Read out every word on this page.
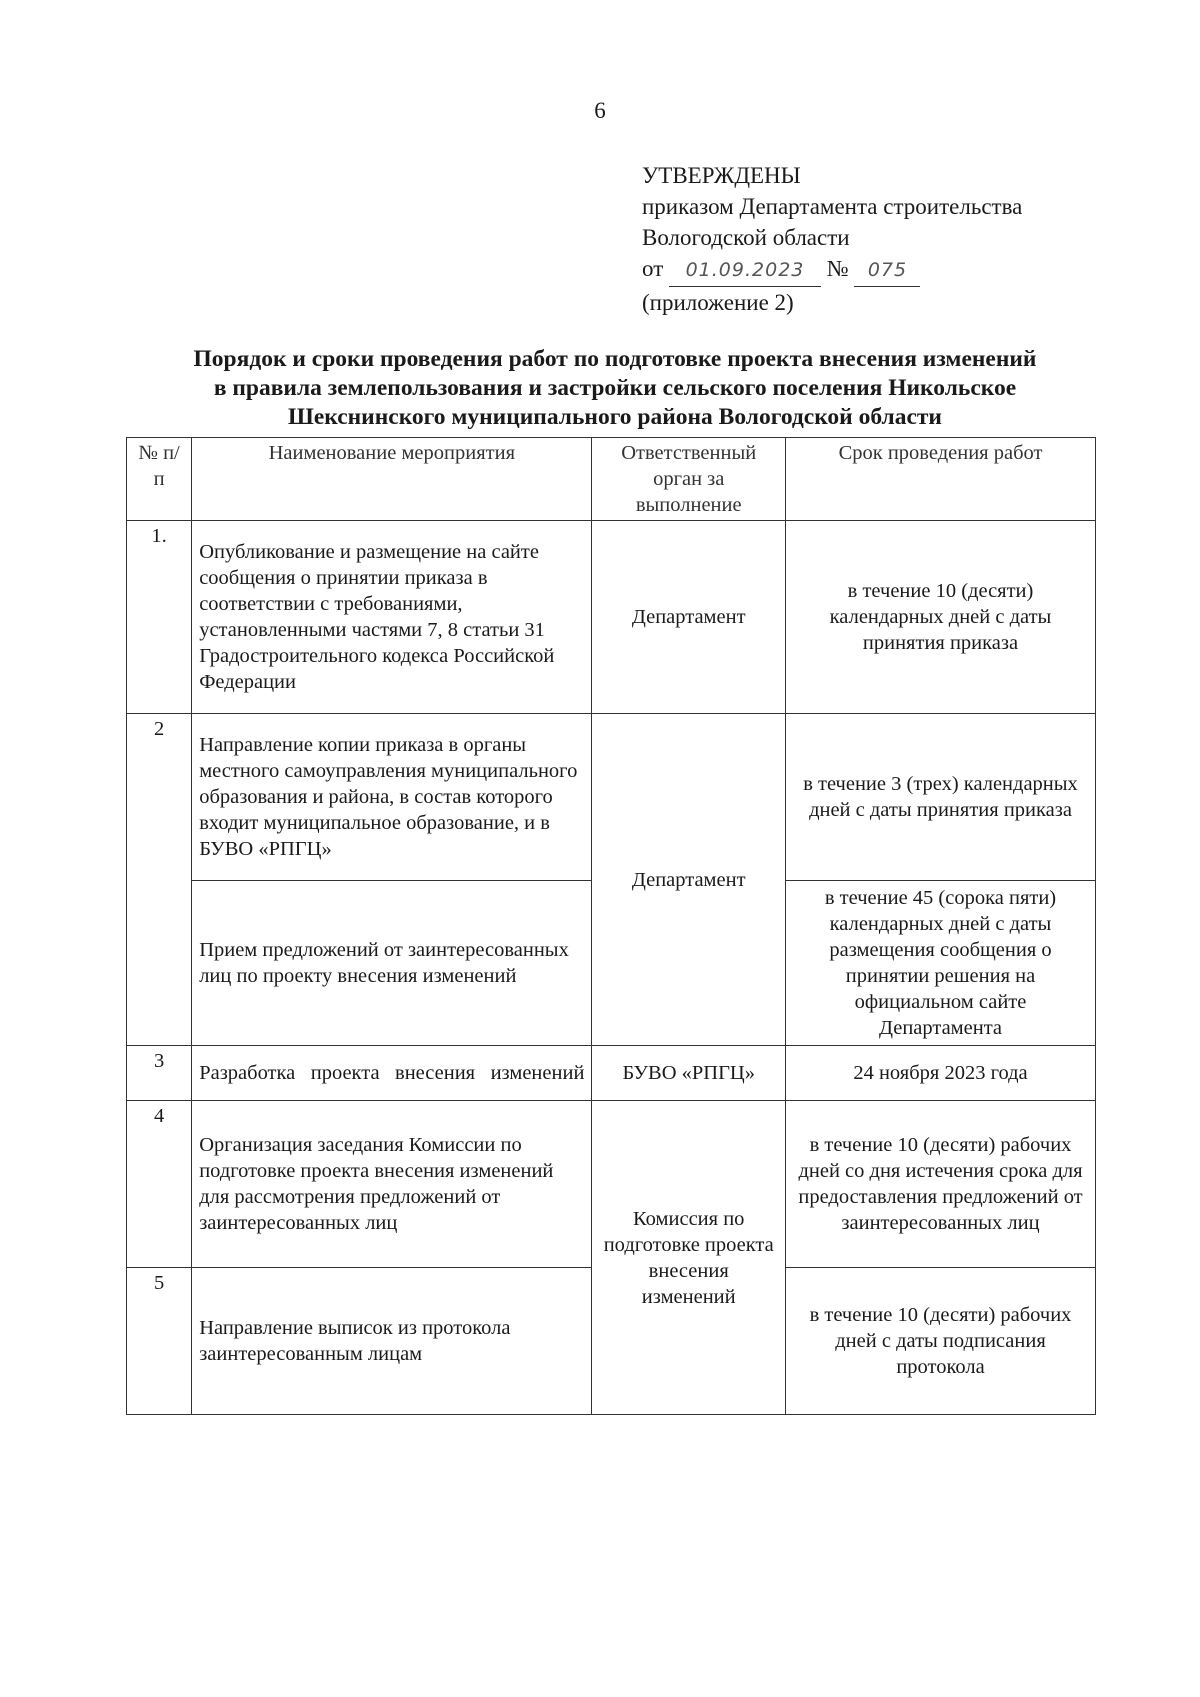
6
УТВЕРЖДЕНЫ
приказом Департамента строительства
Вологодской области
от 01.09.2023 № 075
(приложение 2)
Порядок и сроки проведения работ по подготовке проекта внесения изменений
в правила землепользования и застройки сельского поселения Никольское
Шекснинского муниципального района Вологодской области
№ п/п	Наименование мероприятия	Ответственный орган за выполнение	Срок проведения работ
1.	Опубликование и размещение на сайте сообщения о принятии приказа в соответствии с требованиями, установленными частями 7, 8 статьи 31 Градостроительного кодекса Российской Федерации	Департамент	в течение 10 (десяти) календарных дней с даты принятия приказа
2	Направление копии приказа в органы местного самоуправления муниципального образования и района, в состав которого входит муниципальное образование, и в БУВО «РПГЦ»	Департамент	в течение 3 (трех) календарных дней с даты принятия приказа
	Прием предложений от заинтересованных лиц по проекту внесения изменений		в течение 45 (сорока пяти) календарных дней с даты размещения сообщения о принятии решения на официальном сайте Департамента
3	Разработка проекта внесения изменений	БУВО «РПГЦ»	24 ноября 2023 года
4	Организация заседания Комиссии по подготовке проекта внесения изменений для рассмотрения предложений от заинтересованных лиц	Комиссия по подготовке проекта внесения изменений	в течение 10 (десяти) рабочих дней со дня истечения срока для предоставления предложений от заинтересованных лиц
5	Направление выписок из протокола заинтересованным лицам		в течение 10 (десяти) рабочих дней с даты подписания протокола
